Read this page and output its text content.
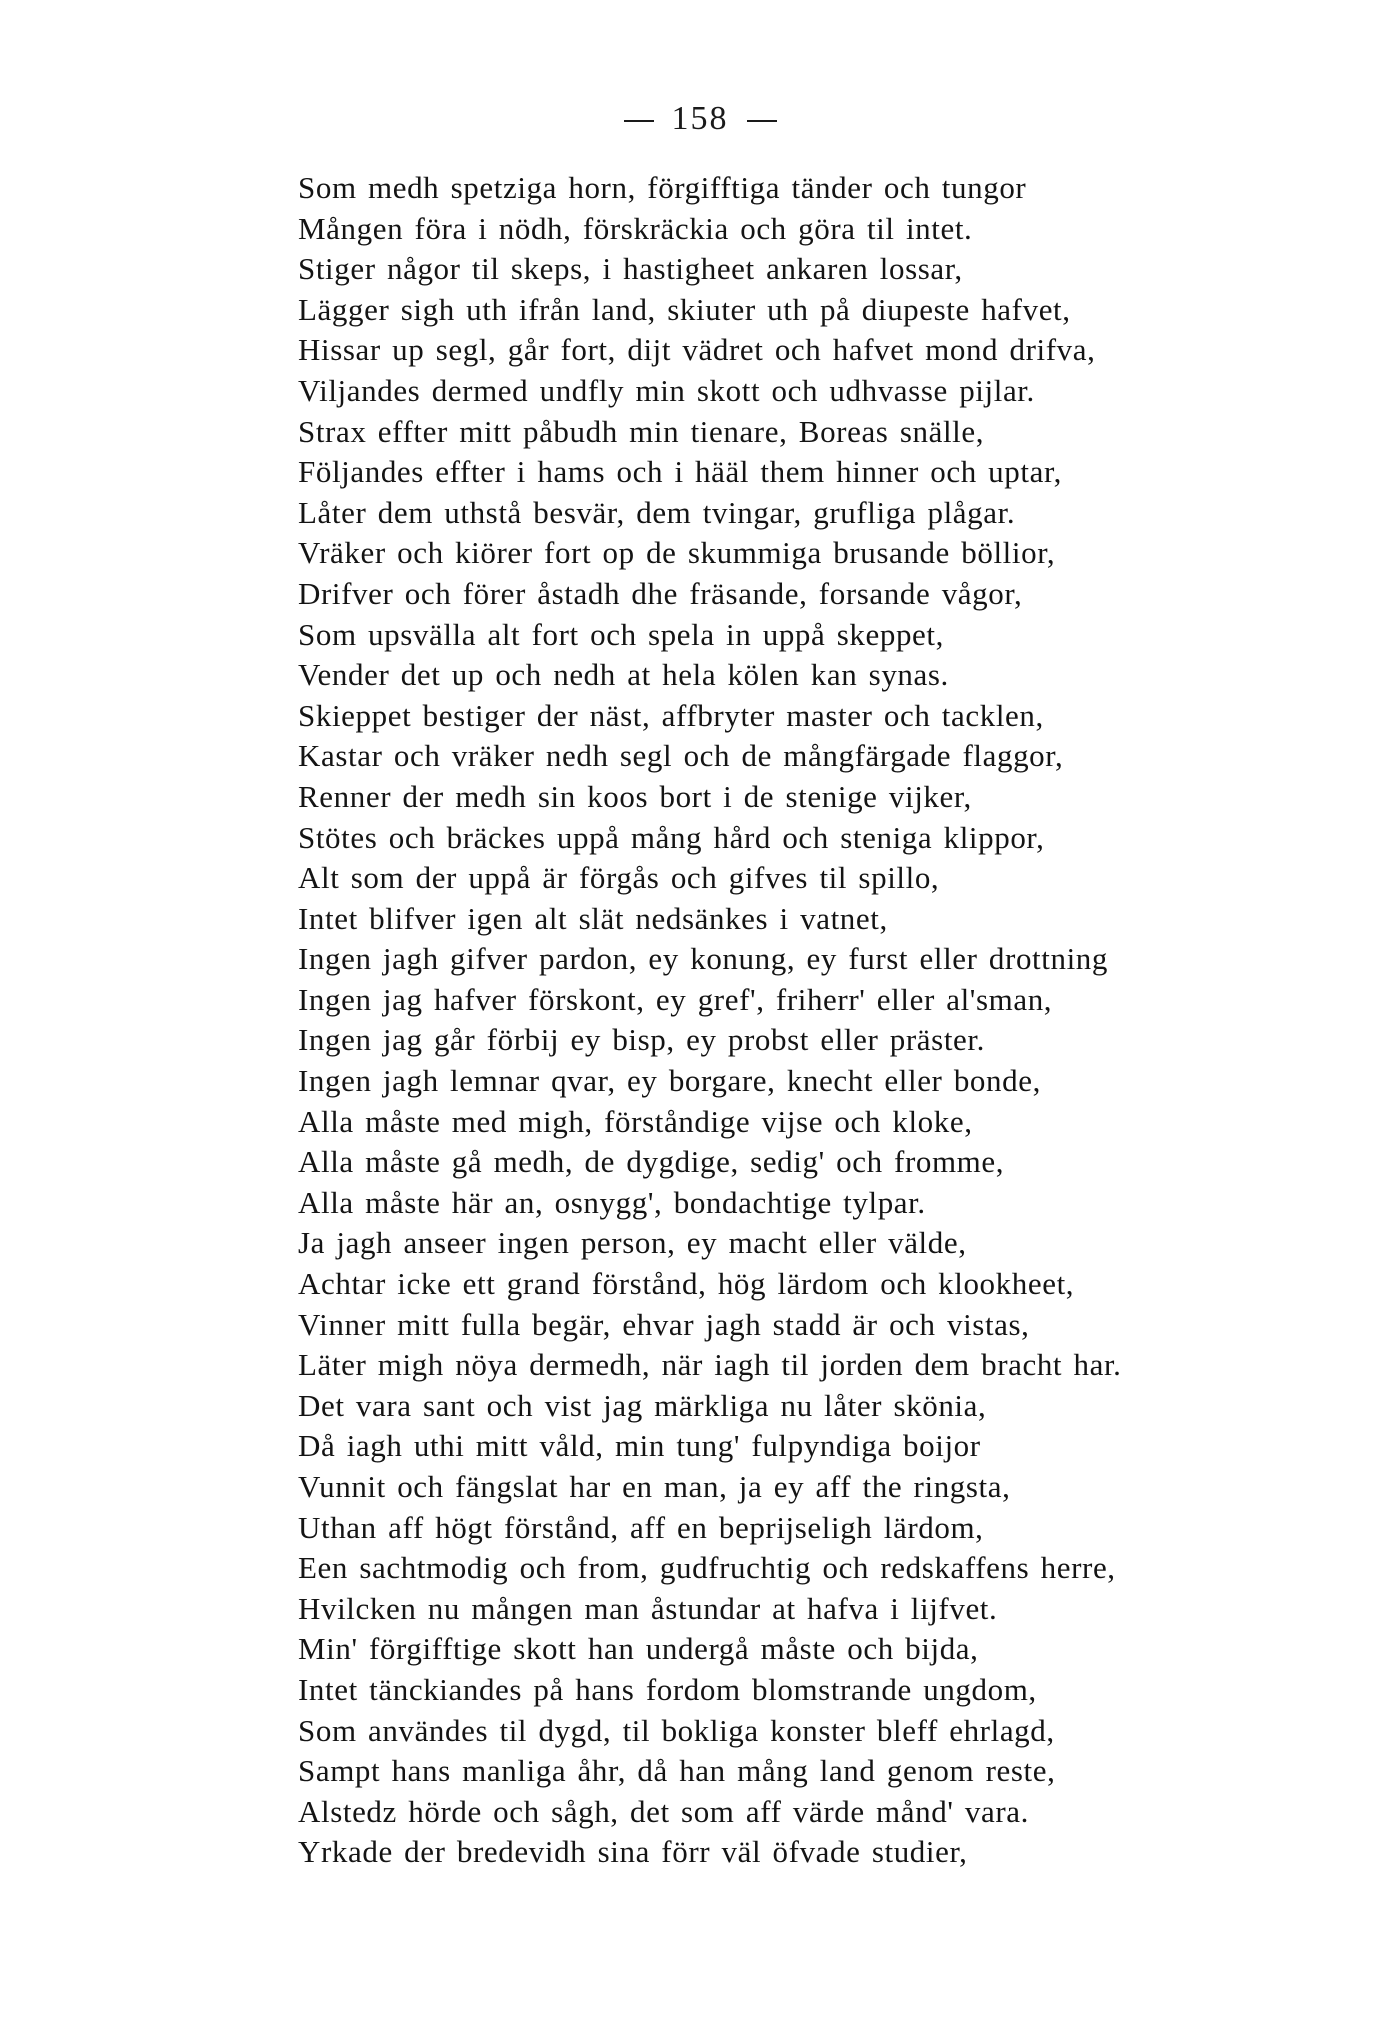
158
Som medh spetziga horn, förgifftiga tänder och tungor
Mången föra i nödh, förskräckia och göra til intet.
Stiger någor til skeps, i hastigheet ankaren lossar,
Lägger sigh uth ifrån land, skiuter uth på diupeste hafvet,
Hissar up segl, går fort, dijt vädret och hafvet mond drifva,
Viljandes dermed undfly min skott och udhvasse pijlar.
Strax effter mitt påbudh min tienare, Boreas snälle,
Följandes effter i hams och i hääl them hinner och uptar,
Låter dem uthstå besvär, dem tvingar, grufliga plågar.
Vräker och kiörer fort op de skummiga brusande böllior,
Drifver och förer åstadh dhe fräsande, forsande vågor,
Som upsvälla alt fort och spela in uppå skeppet,
Vender det up och nedh at hela kölen kan synas.
Skieppet bestiger der näst, affbryter master och tacklen,
Kastar och vräker nedh segl och de mångfärgade flaggor,
Renner der medh sin koos bort i de stenige vijker,
Stötes och bräckes uppå mång hård och steniga klippor,
Alt som der uppå är förgås och gifves til spillo,
Intet blifver igen alt slät nedsänkes i vatnet,
Ingen jagh gifver pardon, ey konung, ey furst eller drottning
Ingen jag hafver förskont, ey gref', friherr' eller al'sman,
Ingen jag går förbij ey bisp, ey probst eller präster.
Ingen jagh lemnar qvar, ey borgare, knecht eller bonde,
Alla måste med migh, förståndige vijse och kloke,
Alla måste gå medh, de dygdige, sedig' och fromme,
Alla måste här an, osnygg', bondachtige tylpar.
Ja jagh anseer ingen person, ey macht eller välde,
Achtar icke ett grand förstånd, hög lärdom och klookheet,
Vinner mitt fulla begär, ehvar jagh stadd är och vistas,
Läter migh nöya dermedh, när iagh til jorden dem bracht har.
Det vara sant och vist jag märkliga nu låter skönia,
Då iagh uthi mitt våld, min tung' fulpyndiga boijor
Vunnit och fängslat har en man, ja ey aff the ringsta,
Uthan aff högt förstånd, aff en beprijseligh lärdom,
Een sachtmodig och from, gudfruchtig och redskaffens herre,
Hvilcken nu mången man åstundar at hafva i lijfvet.
Min' förgifftige skott han undergå måste och bijda,
Intet tänckiandes på hans fordom blomstrande ungdom,
Som användes til dygd, til bokliga konster bleff ehrlagd,
Sampt hans manliga åhr, då han mång land genom reste,
Alstedz hörde och sågh, det som aff värde månd' vara.
Yrkade der bredevidh sina förr väl öfvade studier,
